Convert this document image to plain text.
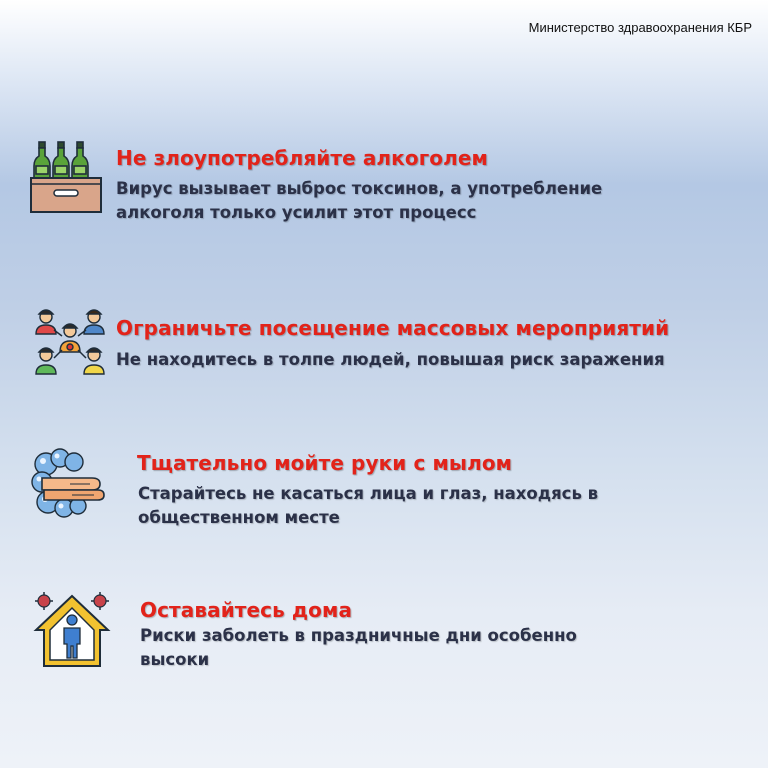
Министерство здравоохранения КБР
Не злоупотребляйте алкоголем

Вирус вызывает выброс токсинов, а употребление

алкоголя только усилит этот процесс

Ограничьте посещение массовых мероприятий

Не находитесь в толпе людей, повышая риск заражения

Тщательно мойте руки с мылом

Старайтесь не касаться лица и глаз, находясь в

общественном месте

Оставайтесь дома

Риски заболеть в праздничные дни особенно

высоки
